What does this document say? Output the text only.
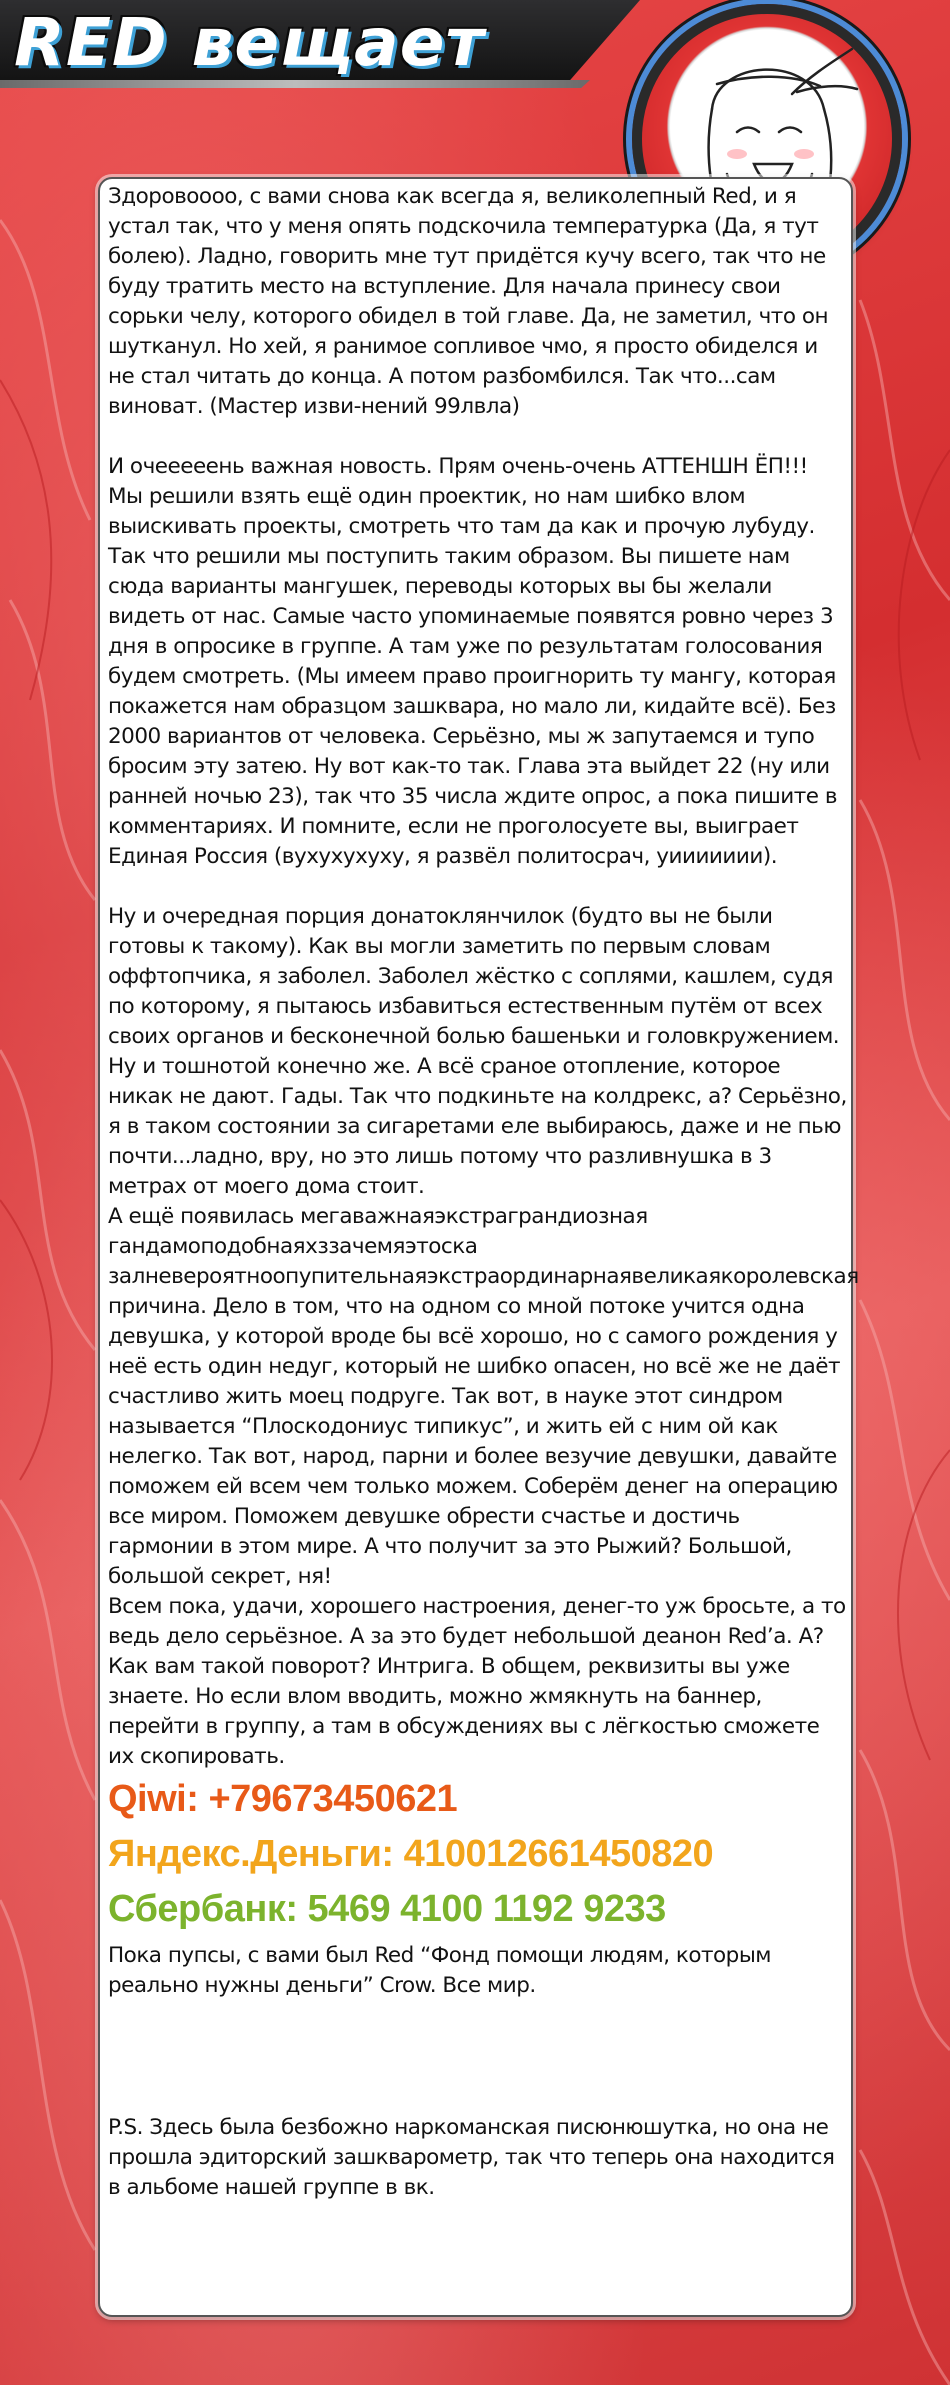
RED вещает

Здоровоооо, с вами снова как всегда я, великолепный Red, и я устал так, что у меня опять подскочила температурка (Да, я тут болею). Ладно, говорить мне тут придётся кучу всего, так что не буду тратить место на вступление. Для начала принесу свои сорьки челу, которого обидел в той главе. Да, не заметил, что он шутканул. Но хей, я ранимое сопливое чмо, я просто обиделся и не стал читать до конца. А потом разбомбился. Так что...сам виноват. (Мастер изви-нений 99лвла)

И очееееень важная новость. Прям очень-очень АТТЕНШН ЁП!!! Мы решили взять ещё один проектик, но нам шибко влом выискивать проекты, смотреть что там да как и прочую лубуду. Так что решили мы поступить таким образом. Вы пишете нам сюда варианты мангушек, переводы которых вы бы желали видеть от нас. Самые часто упоминаемые появятся ровно через 3 дня в опросике в группе. А там уже по результатам голосования будем смотреть. (Мы имеем право проигнорить ту мангу, которая покажется нам образцом зашквара, но мало ли, кидайте всё). Без 2000 вариантов от человека. Серьёзно, мы ж запутаемся и тупо бросим эту затею. Ну вот как-то так. Глава эта выйдет 22 (ну или ранней ночью 23), так что 35 числа ждите опрос, а пока пишите в комментариях. И помните, если не проголосуете вы, выиграет Единая Россия (вухухухуху, я развёл политосрач, уиииииии).

Ну и очередная порция донатоклянчилок (будто вы не были готовы к такому). Как вы могли заметить по первым словам оффтопчика, я заболел. Заболел жёстко с соплями, кашлем, судя по которому, я пытаюсь избавиться естественным путём от всех своих органов и бесконечной болью башеньки и головкружением. Ну и тошнотой конечно же. А всё сраное отопление, которое никак не дают. Гады. Так что подкиньте на колдрекс, а? Серьёзно, я в таком состоянии за сигаретами еле выбираюсь, даже и не пью почти...ладно, вру, но это лишь потому что разливнушка в 3 метрах от моего дома стоит.

А ещё появилась мегаважнаяэкстраграндиозная гандамоподобнаяхззачемяэтоскa залневероятноопупительнаяэкстраординарнаявеликаякоролевская причина. Дело в том, что на одном со мной потоке учится одна девушка, у которой вроде бы всё хорошо, но с самого рождения у неё есть один недуг, который не шибко опасен, но всё же не даёт счастливо жить моец подруге. Так вот, в науке этот синдром называется “Плоскодониус типикус”, и жить ей с ним ой как нелегко. Так вот, народ, парни и более везучие девушки, давайте поможем ей всем чем только можем. Соберём денег на операцию все миром. Поможем девушке обрести счастье и достичь гармонии в этом мире. А что получит за это Рыжий? Большой, большой секрет, ня!

Всем пока, удачи, хорошего настроения, денег-то уж бросьте, а то ведь дело серьёзное. А за это будет небольшой деанон Red’a. А? Как вам такой поворот? Интрига. В общем, реквизиты вы уже знаете. Но если влом вводить, можно жмякнуть на баннер, перейти в группу, а там в обсуждениях вы с лёгкостью сможете их скопировать.

Qiwi: +79673450621
Яндекс.Деньги: 410012661450820
Сбербанк: 5469 4100 1192 9233

Пока пупсы, с вами был Red “Фонд помощи людям, которым реально нужны деньги” Crow. Все мир.

P.S. Здесь была безбожно наркоманская писюнюшутка, но она не прошла эдиторский зашкваромeтр, так что теперь она находится в альбоме нашей группе в вк.
